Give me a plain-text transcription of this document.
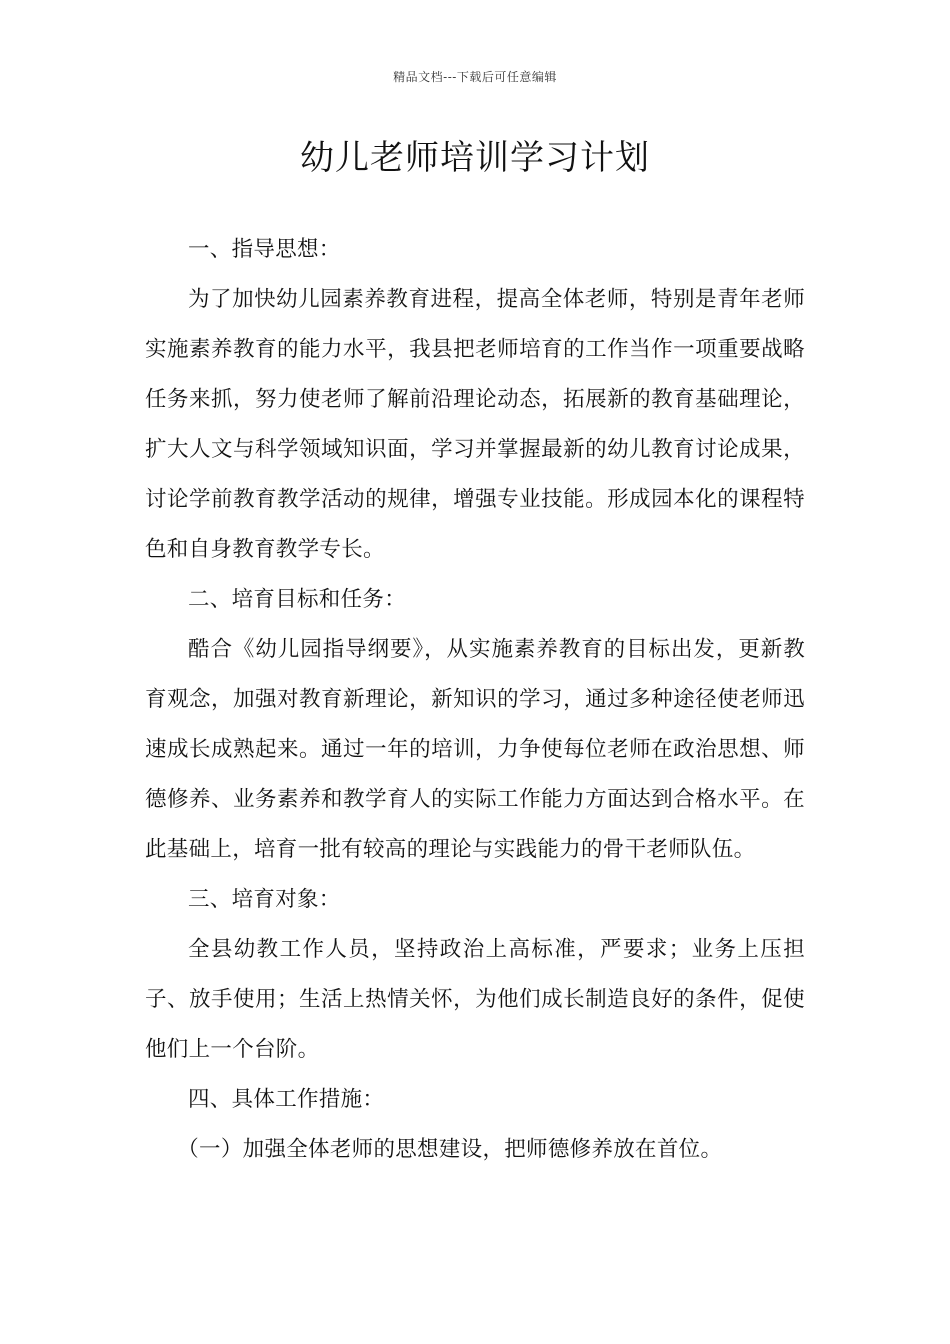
精品文档---下载后可任意编辑
幼儿老师培训学习计划

一、指导思想：

为了加快幼儿园素养教育进程，提高全体老师，特别是青年老师实施素养教育的能力水平，我县把老师培育的工作当作一项重要战略任务来抓，努力使老师了解前沿理论动态，拓展新的教育基础理论，扩大人文与科学领域知识面，学习并掌握最新的幼儿教育讨论成果，讨论学前教育教学活动的规律，增强专业技能。形成园本化的课程特色和自身教育教学专长。

二、培育目标和任务：

酷合《幼儿园指导纲要》，从实施素养教育的目标出发，更新教育观念，加强对教育新理论，新知识的学习，通过多种途径使老师迅速成长成熟起来。通过一年的培训，力争使每位老师在政治思想、师德修养、业务素养和教学育人的实际工作能力方面达到合格水平。在此基础上，培育一批有较高的理论与实践能力的骨干老师队伍。

三、培育对象：

全县幼教工作人员，坚持政治上高标准，严要求；业务上压担子、放手使用；生活上热情关怀，为他们成长制造良好的条件，促使他们上一个台阶。

四、具体工作措施：

（一）加强全体老师的思想建设，把师德修养放在首位。
